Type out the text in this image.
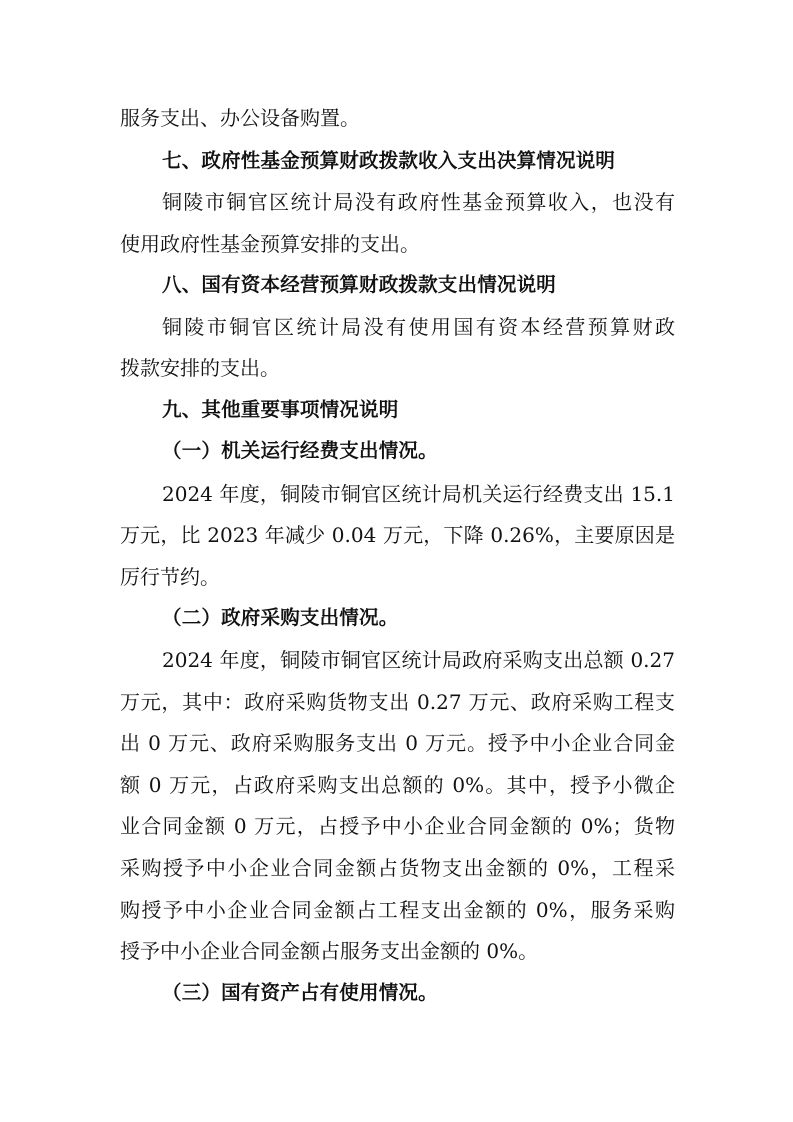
服务支出、办公设备购置。
七、政府性基金预算财政拨款收入支出决算情况说明
铜陵市铜官区统计局没有政府性基金预算收入，也没有
使用政府性基金预算安排的支出。
八、国有资本经营预算财政拨款支出情况说明
铜陵市铜官区统计局没有使用国有资本经营预算财政
拨款安排的支出。
九、其他重要事项情况说明
（一）机关运行经费支出情况。
2024 年度，铜陵市铜官区统计局机关运行经费支出 15.1
万元，比 2023 年减少 0.04 万元，下降 0.26%，主要原因是
厉行节约。
（二）政府采购支出情况。
2024 年度，铜陵市铜官区统计局政府采购支出总额 0.27
万元，其中：政府采购货物支出 0.27 万元、政府采购工程支
出 0 万元、政府采购服务支出 0 万元。授予中小企业合同金
额 0 万元，占政府采购支出总额的 0%。其中，授予小微企
业合同金额 0 万元，占授予中小企业合同金额的 0%；货物
采购授予中小企业合同金额占货物支出金额的 0%，工程采
购授予中小企业合同金额占工程支出金额的 0%，服务采购
授予中小企业合同金额占服务支出金额的 0%。
（三）国有资产占有使用情况。
